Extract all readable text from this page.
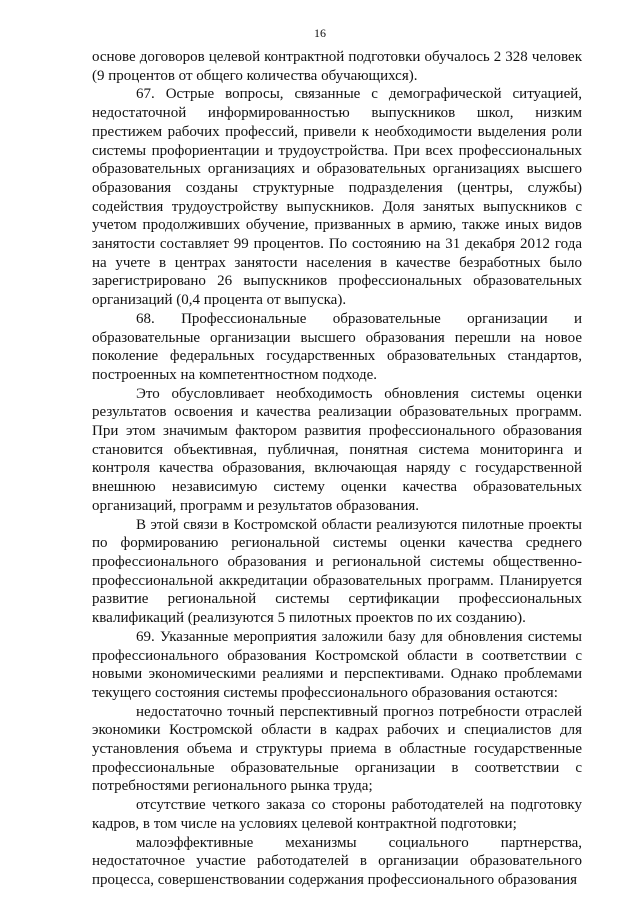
16

основе договоров целевой контрактной подготовки обучалось 2 328 человек (9 процентов от общего количества обучающихся).

67. Острые вопросы, связанные с демографической ситуацией, недостаточной информированностью выпускников школ, низким престижем рабочих профессий, привели к необходимости выделения роли системы профориентации и трудоустройства. При всех профессиональных образовательных организациях и образовательных организациях высшего образования созданы структурные подразделения (центры, службы) содействия трудоустройству выпускников. Доля занятых выпускников с учетом продолживших обучение, призванных в армию, также иных видов занятости составляет 99 процентов. По состоянию на 31 декабря 2012 года на учете в центрах занятости населения в качестве безработных было зарегистрировано 26 выпускников профессиональных образовательных организаций (0,4 процента от выпуска).

68. Профессиональные образовательные организации и образовательные организации высшего образования перешли на новое поколение федеральных государственных образовательных стандартов, построенных на компетентностном подходе.

Это обусловливает необходимость обновления системы оценки результатов освоения и качества реализации образовательных программ. При этом значимым фактором развития профессионального образования становится объективная, публичная, понятная система мониторинга и контроля качества образования, включающая наряду с государственной внешнюю независимую систему оценки качества образовательных организаций, программ и результатов образования.

В этой связи в Костромской области реализуются пилотные проекты по формированию региональной системы оценки качества среднего профессионального образования и региональной системы общественно-профессиональной аккредитации образовательных программ. Планируется развитие региональной системы сертификации профессиональных квалификаций (реализуются 5 пилотных проектов по их созданию).

69. Указанные мероприятия заложили базу для обновления системы профессионального образования Костромской области в соответствии с новыми экономическими реалиями и перспективами. Однако проблемами текущего состояния системы профессионального образования остаются:

недостаточно точный перспективный прогноз потребности отраслей экономики Костромской области в кадрах рабочих и специалистов для установления объема и структуры приема в областные государственные профессиональные образовательные организации в соответствии с потребностями регионального рынка труда;

отсутствие четкого заказа со стороны работодателей на подготовку кадров, в том числе на условиях целевой контрактной подготовки;

малоэффективные механизмы социального партнерства, недостаточное участие работодателей в организации образовательного процесса, совершенствовании содержания профессионального образования
